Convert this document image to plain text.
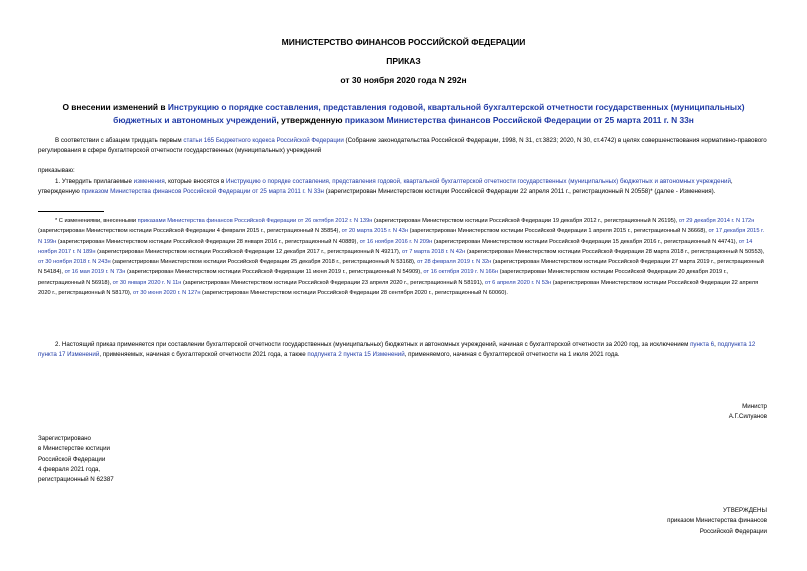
МИНИСТЕРСТВО ФИНАНСОВ РОССИЙСКОЙ ФЕДЕРАЦИИ
ПРИКАЗ
от 30 ноября 2020 года N 292н
О внесении изменений в Инструкцию о порядке составления, представления годовой, квартальной бухгалтерской отчетности государственных (муниципальных) бюджетных и автономных учреждений, утвержденную приказом Министерства финансов Российской Федерации от 25 марта 2011 г. N 33н
В соответствии с абзацем тридцать первым статьи 165 Бюджетного кодекса Российской Федерации (Собрание законодательства Российской Федерации, 1998, N 31, ст.3823; 2020, N 30, ст.4742) в целях совершенствования нормативно-правового регулирования в сфере бухгалтерской отчетности государственных (муниципальных) учреждений
приказываю:
1. Утвердить прилагаемые изменения, которые вносятся в Инструкцию о порядке составления, представления годовой, квартальной бухгалтерской отчетности государственных (муниципальных) бюджетных и автономных учреждений, утвержденную приказом Министерства финансов Российской Федерации от 25 марта 2011 г. N 33н (зарегистрирован Министерством юстиции Российской Федерации 22 апреля 2011 г., регистрационный N 20558)* (далее - Изменения).
* С изменениями, внесенными приказами Министерства финансов Российской Федерации от 26 октября 2012 г. N 139н (зарегистрирован Министерством юстиции Российской Федерации 19 декабря 2012 г., регистрационный N 26195), от 29 декабря 2014 г. N 172н (зарегистрирован Министерством юстиции Российской Федерации 4 февраля 2015 г., регистрационный N 35854), от 20 марта 2015 г. N 43н (зарегистрирован Министерством юстиции Российской Федерации 1 апреля 2015 г., регистрационный N 36668), от 17 декабря 2015 г. N 199н (зарегистрирован Министерством юстиции Российской Федерации 28 января 2016 г., регистрационный N 40889), от 16 ноября 2016 г. N 209н (зарегистрирован Министерством юстиции Российской Федерации 15 декабря 2016 г., регистрационный N 44741), от 14 ноября 2017 г. N 189н (зарегистрирован Министерством юстиции Российской Федерации 12 декабря 2017 г., регистрационный N 49217), от 7 марта 2018 г. N 42н (зарегистрирован Министерством юстиции Российской Федерации 28 марта 2018 г., регистрационный N 50553), от 30 ноября 2018 г. N 243н (зарегистрирован Министерством юстиции Российской Федерации 25 декабря 2018 г., регистрационный N 53168), от 28 февраля 2019 г. N 32н (зарегистрирован Министерством юстиции Российской Федерации 27 марта 2019 г., регистрационный N 54184), от 16 мая 2019 г. N 73н (зарегистрирован Министерством юстиции Российской Федерации 11 июня 2019 г., регистрационный N 54909), от 16 октября 2019 г. N 166н (зарегистрирован Министерством юстиции Российской Федерации 20 декабря 2019 г., регистрационный N 56918), от 30 января 2020 г. N 11н (зарегистрирован Министерством юстиции Российской Федерации 23 апреля 2020 г., регистрационный N 58191), от 6 апреля 2020 г. N 53н (зарегистрирован Министерством юстиции Российской Федерации 22 апреля 2020 г., регистрационный N 58170), от 30 июня 2020 г. N 127н (зарегистрирован Министерством юстиции Российской Федерации 28 сентября 2020 г., регистрационный N 60060).
2. Настоящий приказ применяется при составлении бухгалтерской отчетности государственных (муниципальных) бюджетных и автономных учреждений, начиная с бухгалтерской отчетности за 2020 год, за исключением пункта 6, подпункта 12 пункта 17 Изменений, применяемых, начиная с бухгалтерской отчетности 2021 года, а также подпункта 2 пункта 15 Изменений, применяемого, начиная с бухгалтерской отчетности на 1 июля 2021 года.
Министр
А.Г.Силуанов
Зарегистрировано
в Министерстве юстиции
Российской Федерации
4 февраля 2021 года,
регистрационный N 62387
УТВЕРЖДЕНЫ
приказом Министерства финансов
Российской Федерации
